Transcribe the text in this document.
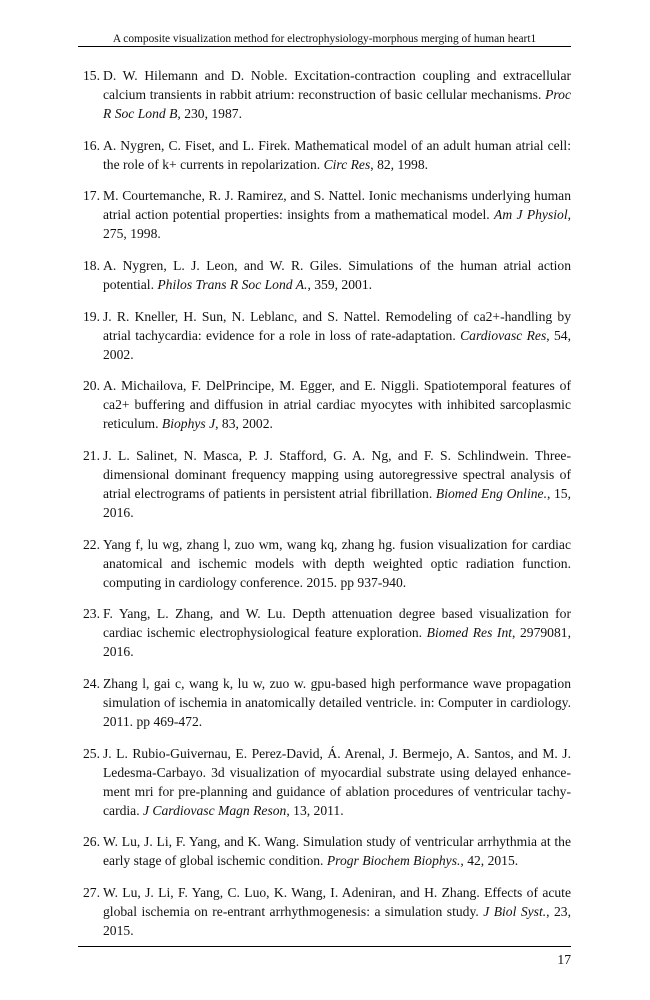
A composite visualization method for electrophysiology-morphous merging of human heart1
15. D. W. Hilemann and D. Noble. Excitation-contraction coupling and extracellular calcium transients in rabbit atrium: reconstruction of basic cellular mechanisms. Proc R Soc Lond B, 230, 1987.
16. A. Nygren, C. Fiset, and L. Firek. Mathematical model of an adult human atrial cell: the role of k+ currents in repolarization. Circ Res, 82, 1998.
17. M. Courtemanche, R. J. Ramirez, and S. Nattel. Ionic mechanisms underlying human atrial action potential properties: insights from a mathematical model. Am J Physiol, 275, 1998.
18. A. Nygren, L. J. Leon, and W. R. Giles. Simulations of the human atrial action potential. Philos Trans R Soc Lond A., 359, 2001.
19. J. R. Kneller, H. Sun, N. Leblanc, and S. Nattel. Remodeling of ca2+-handling by atrial tachycardia: evidence for a role in loss of rate-adaptation. Cardiovasc Res, 54, 2002.
20. A. Michailova, F. DelPrincipe, M. Egger, and E. Niggli. Spatiotemporal features of ca2+ buffering and diffusion in atrial cardiac myocytes with inhibited sarcoplasmic reticulum. Biophys J, 83, 2002.
21. J. L. Salinet, N. Masca, P. J. Stafford, G. A. Ng, and F. S. Schlindwein. Three-dimensional dominant frequency mapping using autoregressive spectral analysis of atrial electrograms of patients in persistent atrial fibrillation. Biomed Eng Online., 15, 2016.
22. Yang f, lu wg, zhang l, zuo wm, wang kq, zhang hg. fusion visualization for cardiac anatomical and ischemic models with depth weighted optic radiation function. computing in cardiology conference. 2015. pp 937-940.
23. F. Yang, L. Zhang, and W. Lu. Depth attenuation degree based visualization for cardiac ischemic electrophysiological feature exploration. Biomed Res Int, 2979081, 2016.
24. Zhang l, gai c, wang k, lu w, zuo w. gpu-based high performance wave propagation simulation of ischemia in anatomically detailed ventricle. in: Computer in cardiology. 2011. pp 469-472.
25. J. L. Rubio-Guivernau, E. Perez-David, Á. Arenal, J. Bermejo, A. Santos, and M. J. Ledesma-Carbayo. 3d visualization of myocardial substrate using delayed enhancement mri for pre-planning and guidance of ablation procedures of ventricular tachycardia. J Cardiovasc Magn Reson, 13, 2011.
26. W. Lu, J. Li, F. Yang, and K. Wang. Simulation study of ventricular arrhythmia at the early stage of global ischemic condition. Progr Biochem Biophys., 42, 2015.
27. W. Lu, J. Li, F. Yang, C. Luo, K. Wang, I. Adeniran, and H. Zhang. Effects of acute global ischemia on re-entrant arrhythmogenesis: a simulation study. J Biol Syst., 23, 2015.
17
